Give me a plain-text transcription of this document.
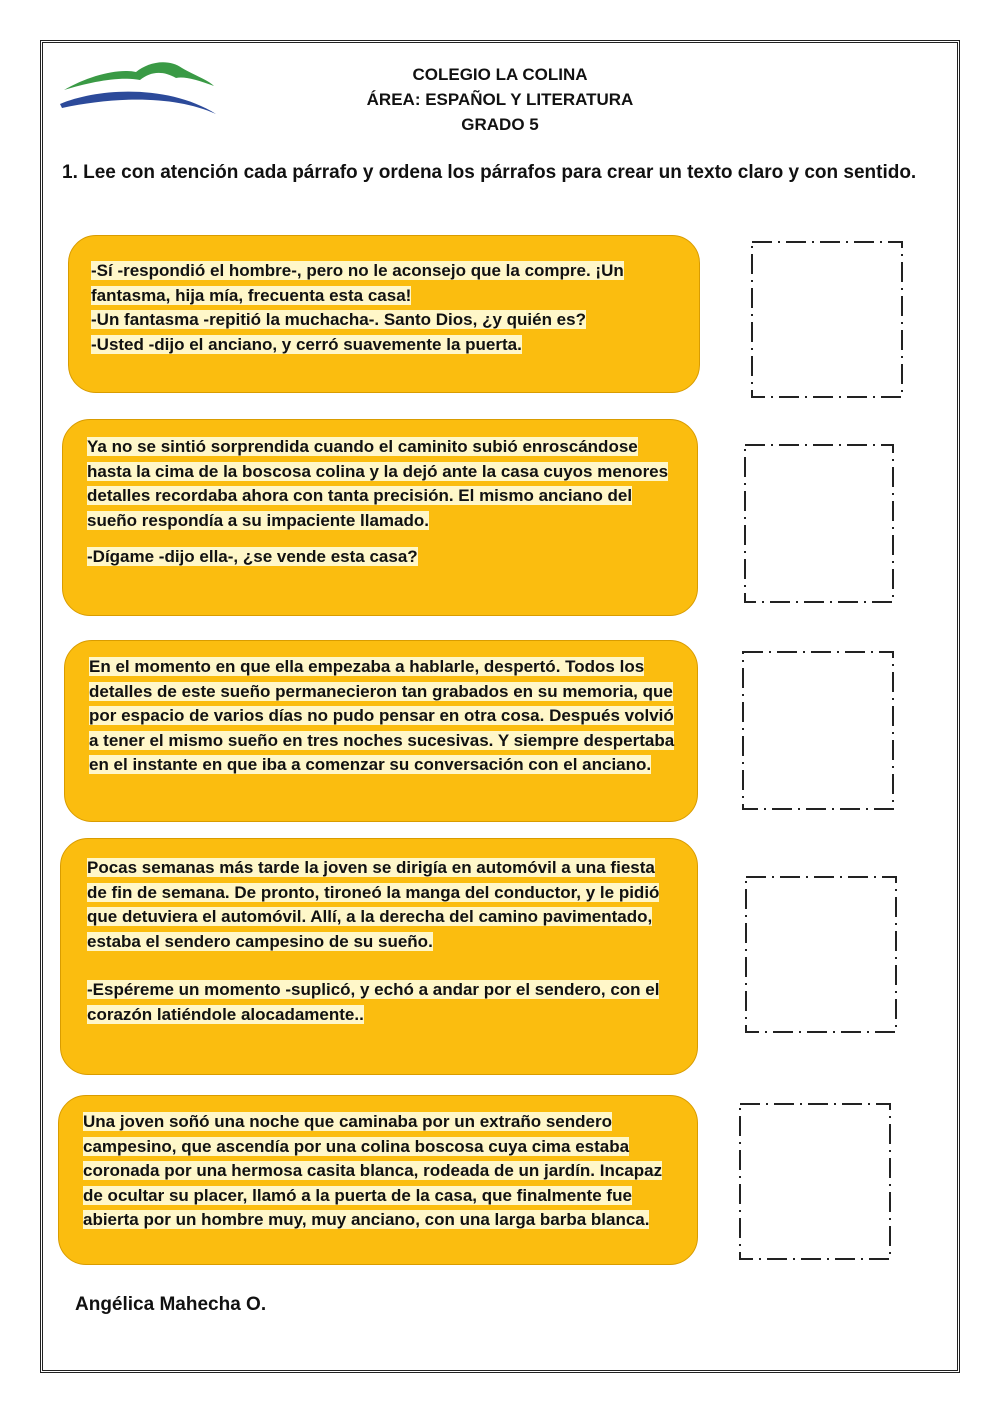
COLEGIO LA COLINA
ÁREA: ESPAÑOL Y LITERATURA
GRADO 5
1. Lee con atención cada párrafo y ordena los párrafos para crear un texto claro y con sentido.

-Sí -respondió el hombre-, pero no le aconsejo que la compre. ¡Un fantasma, hija mía, frecuenta esta casa!

-Un fantasma -repitió la muchacha-. Santo Dios, ¿y quién es?

-Usted -dijo el anciano, y cerró suavemente la puerta.

Ya no se sintió sorprendida cuando el caminito subió enroscándose hasta la cima de la boscosa colina y la dejó ante la casa cuyos menores detalles recordaba ahora con tanta precisión. El mismo anciano del sueño respondía a su impaciente llamado.

-Dígame -dijo ella-, ¿se vende esta casa?

En el momento en que ella empezaba a hablarle, despertó. Todos los detalles de este sueño permanecieron tan grabados en su memoria, que por espacio de varios días no pudo pensar en otra cosa. Después volvió a tener el mismo sueño en tres noches sucesivas. Y siempre despertaba en el instante en que iba a comenzar su conversación con el anciano.

Pocas semanas más tarde la joven se dirigía en automóvil a una fiesta de fin de semana. De pronto, tironeó la manga del conductor, y le pidió que detuviera el automóvil. Allí, a la derecha del camino pavimentado, estaba el sendero campesino de su sueño.

-Espéreme un momento -suplicó, y echó a andar por el sendero, con el corazón latiéndole alocadamente..

Una joven soñó una noche que caminaba por un extraño sendero campesino, que ascendía por una colina boscosa cuya cima estaba coronada por una hermosa casita blanca, rodeada de un jardín. Incapaz de ocultar su placer, llamó a la puerta de la casa, que finalmente fue abierta por un hombre muy, muy anciano, con una larga barba blanca.

Angélica Mahecha O.
